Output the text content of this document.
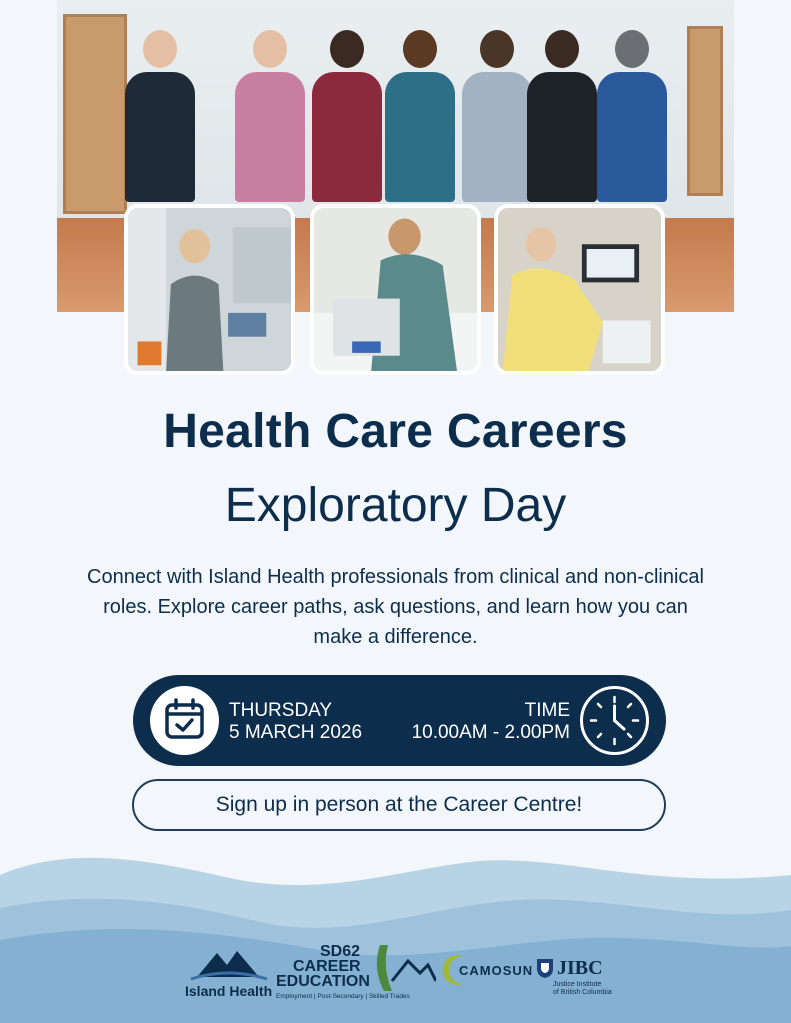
Health Care Careers
Exploratory Day

Connect with Island Health professionals from clinical and non-clinical roles. Explore career paths, ask questions, and learn how you can make a difference.

THURSDAY
5 MARCH 2026
TIME
10.00AM - 2.00PM
Sign up in person at the Career Centre!
Island Health
SD62
CAREER
EDUCATION
Employment | Post-Secondary | Skilled Trades
CAMOSUN JIBC
Justice Institute
of British Columbia
